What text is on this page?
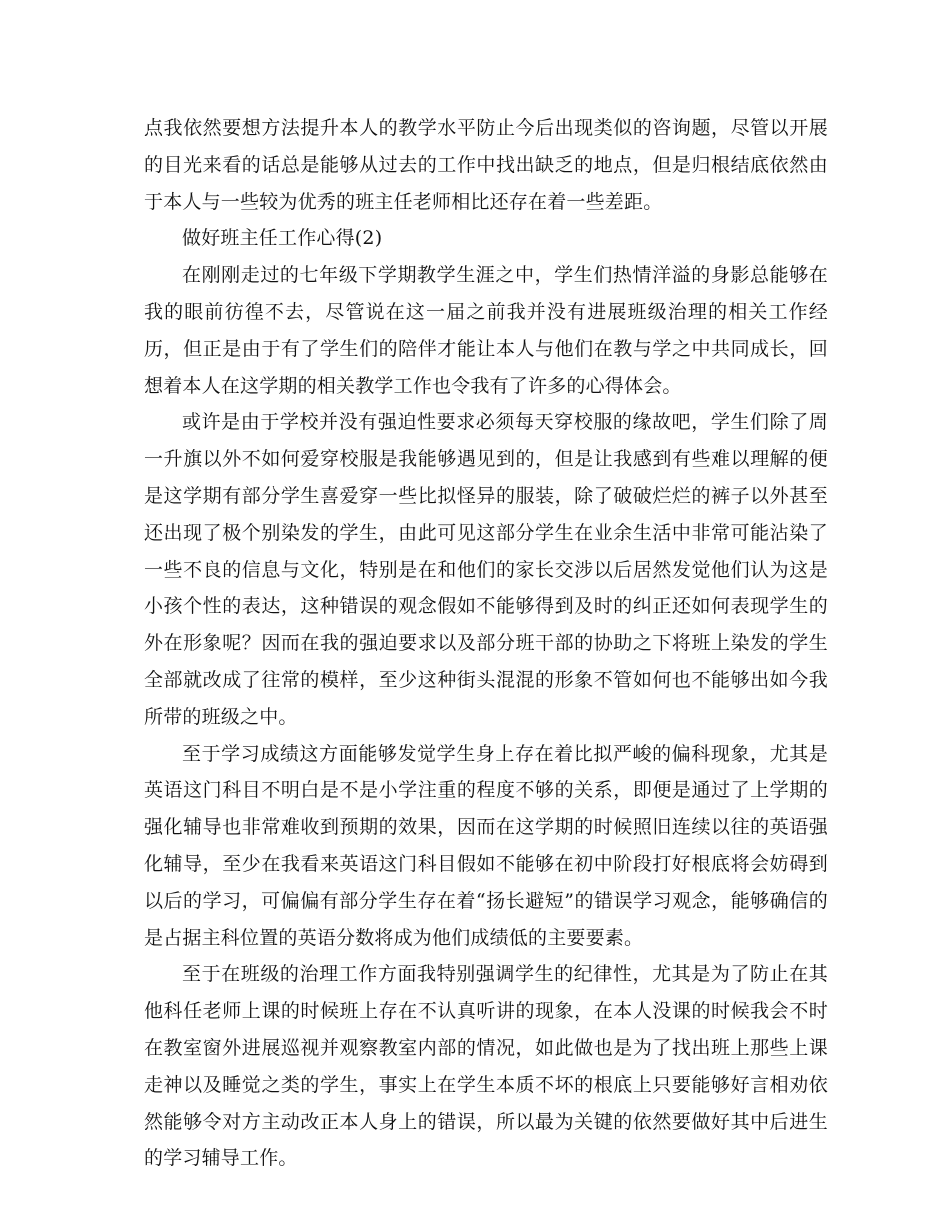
点我依然要想方法提升本人的教学水平防止今后出现类似的咨询题，尽管以开展的目光来看的话总是能够从过去的工作中找出缺乏的地点，但是归根结底依然由于本人与一些较为优秀的班主任老师相比还存在着一些差距。

做好班主任工作心得(2)

在刚刚走过的七年级下学期教学生涯之中，学生们热情洋溢的身影总能够在我的眼前彷徨不去，尽管说在这一届之前我并没有进展班级治理的相关工作经历，但正是由于有了学生们的陪伴才能让本人与他们在教与学之中共同成长，回想着本人在这学期的相关教学工作也令我有了许多的心得体会。

或许是由于学校并没有强迫性要求必须每天穿校服的缘故吧，学生们除了周一升旗以外不如何爱穿校服是我能够遇见到的，但是让我感到有些难以理解的便是这学期有部分学生喜爱穿一些比拟怪异的服装，除了破破烂烂的裤子以外甚至还出现了极个别染发的学生，由此可见这部分学生在业余生活中非常可能沾染了一些不良的信息与文化，特别是在和他们的家长交涉以后居然发觉他们认为这是小孩个性的表达，这种错误的观念假如不能够得到及时的纠正还如何表现学生的外在形象呢？因而在我的强迫要求以及部分班干部的协助之下将班上染发的学生全部就改成了往常的模样，至少这种街头混混的形象不管如何也不能够出如今我所带的班级之中。

至于学习成绩这方面能够发觉学生身上存在着比拟严峻的偏科现象，尤其是英语这门科目不明白是不是小学注重的程度不够的关系，即便是通过了上学期的强化辅导也非常难收到预期的效果，因而在这学期的时候照旧连续以往的英语强化辅导，至少在我看来英语这门科目假如不能够在初中阶段打好根底将会妨碍到以后的学习，可偏偏有部分学生存在着“扬长避短”的错误学习观念，能够确信的是占据主科位置的英语分数将成为他们成绩低的主要要素。

至于在班级的治理工作方面我特别强调学生的纪律性，尤其是为了防止在其他科任老师上课的时候班上存在不认真听讲的现象，在本人没课的时候我会不时在教室窗外进展巡视并观察教室内部的情况，如此做也是为了找出班上那些上课走神以及睡觉之类的学生，事实上在学生本质不坏的根底上只要能够好言相劝依然能够令对方主动改正本人身上的错误，所以最为关键的依然要做好其中后进生的学习辅导工作。
